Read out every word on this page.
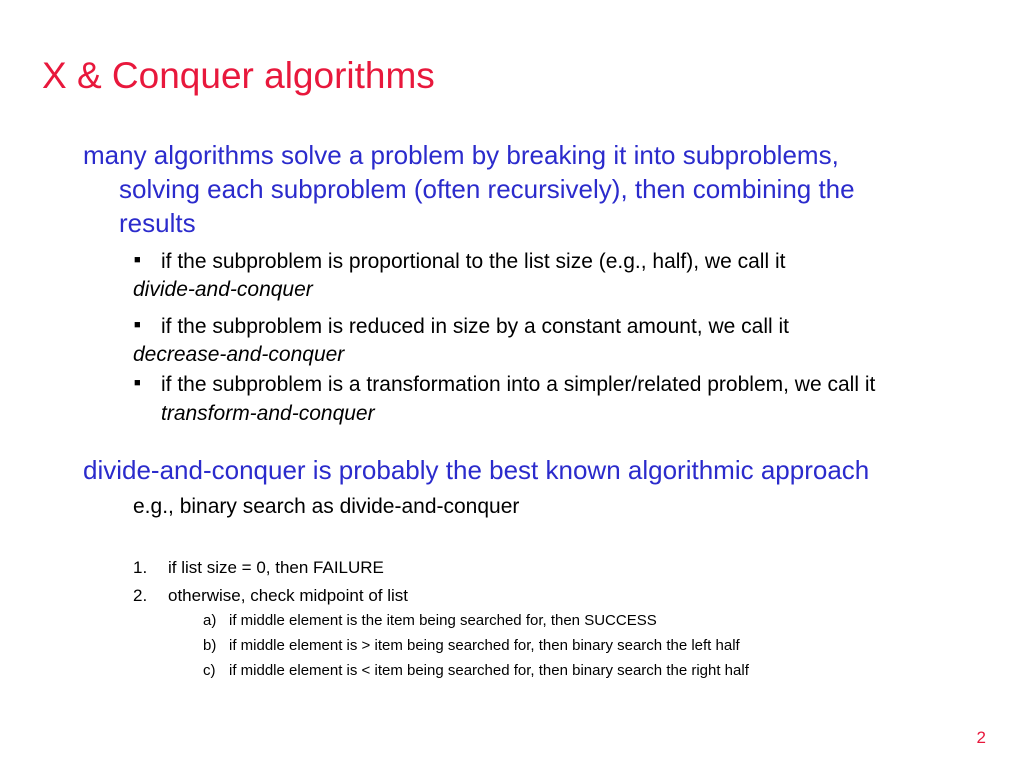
X & Conquer algorithms
many algorithms solve a problem by breaking it into subproblems,
solving each subproblem (often recursively), then combining the
results
■ if the subproblem is proportional to the list size (e.g., half), we call it
divide-and-conquer
■ if the subproblem is reduced in size by a constant amount, we call it
decrease-and-conquer
■ if the subproblem is a transformation into a simpler/related problem, we call it
transform-and-conquer
divide-and-conquer is probably the best known algorithmic approach
e.g., binary search as divide-and-conquer
1. if list size = 0, then FAILURE
2. otherwise, check midpoint of list
a) if middle element is the item being searched for, then SUCCESS
b) if middle element is > item being searched for, then binary search the left half
c) if middle element is < item being searched for, then binary search the right half
2
